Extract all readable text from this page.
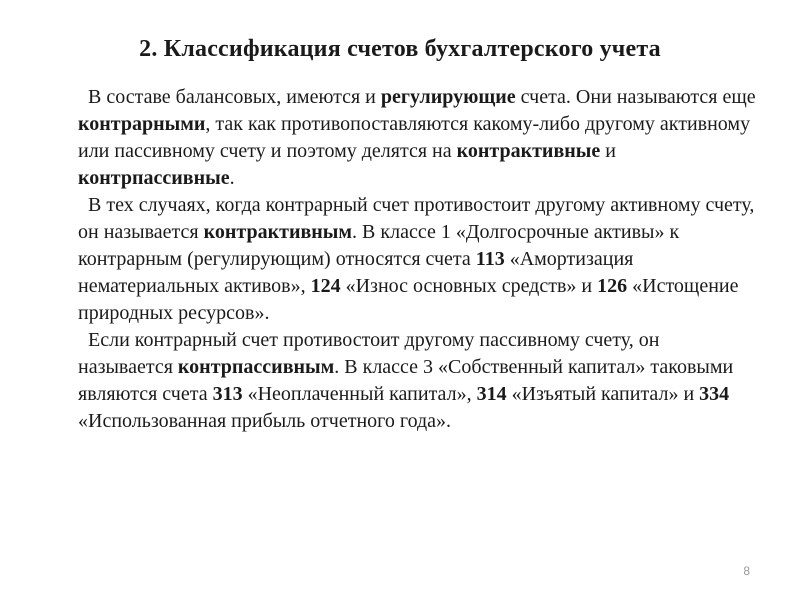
2. Классификация счетов бухгалтерского учета

В составе балансовых, имеются и регулирующие счета. Они называются еще контрарными, так как противопоставляются какому-либо другому активному или пассивному счету и поэтому делятся на контрактивные и контрпассивные.

В тех случаях, когда контрарный счет противостоит другому активному счету, он называется контрактивным. В классе 1 «Долгосрочные активы» к контрарным (регулирующим) относятся счета 113 «Амортизация нематериальных активов», 124 «Износ основных средств» и 126 «Истощение природных ресурсов».

Если контрарный счет противостоит другому пассивному счету, он называется контрпассивным. В классе 3 «Собственный капитал» таковыми являются счета 313 «Неоплаченный капитал», 314 «Изъятый капитал» и 334 «Использованная прибыль отчетного года».

8
